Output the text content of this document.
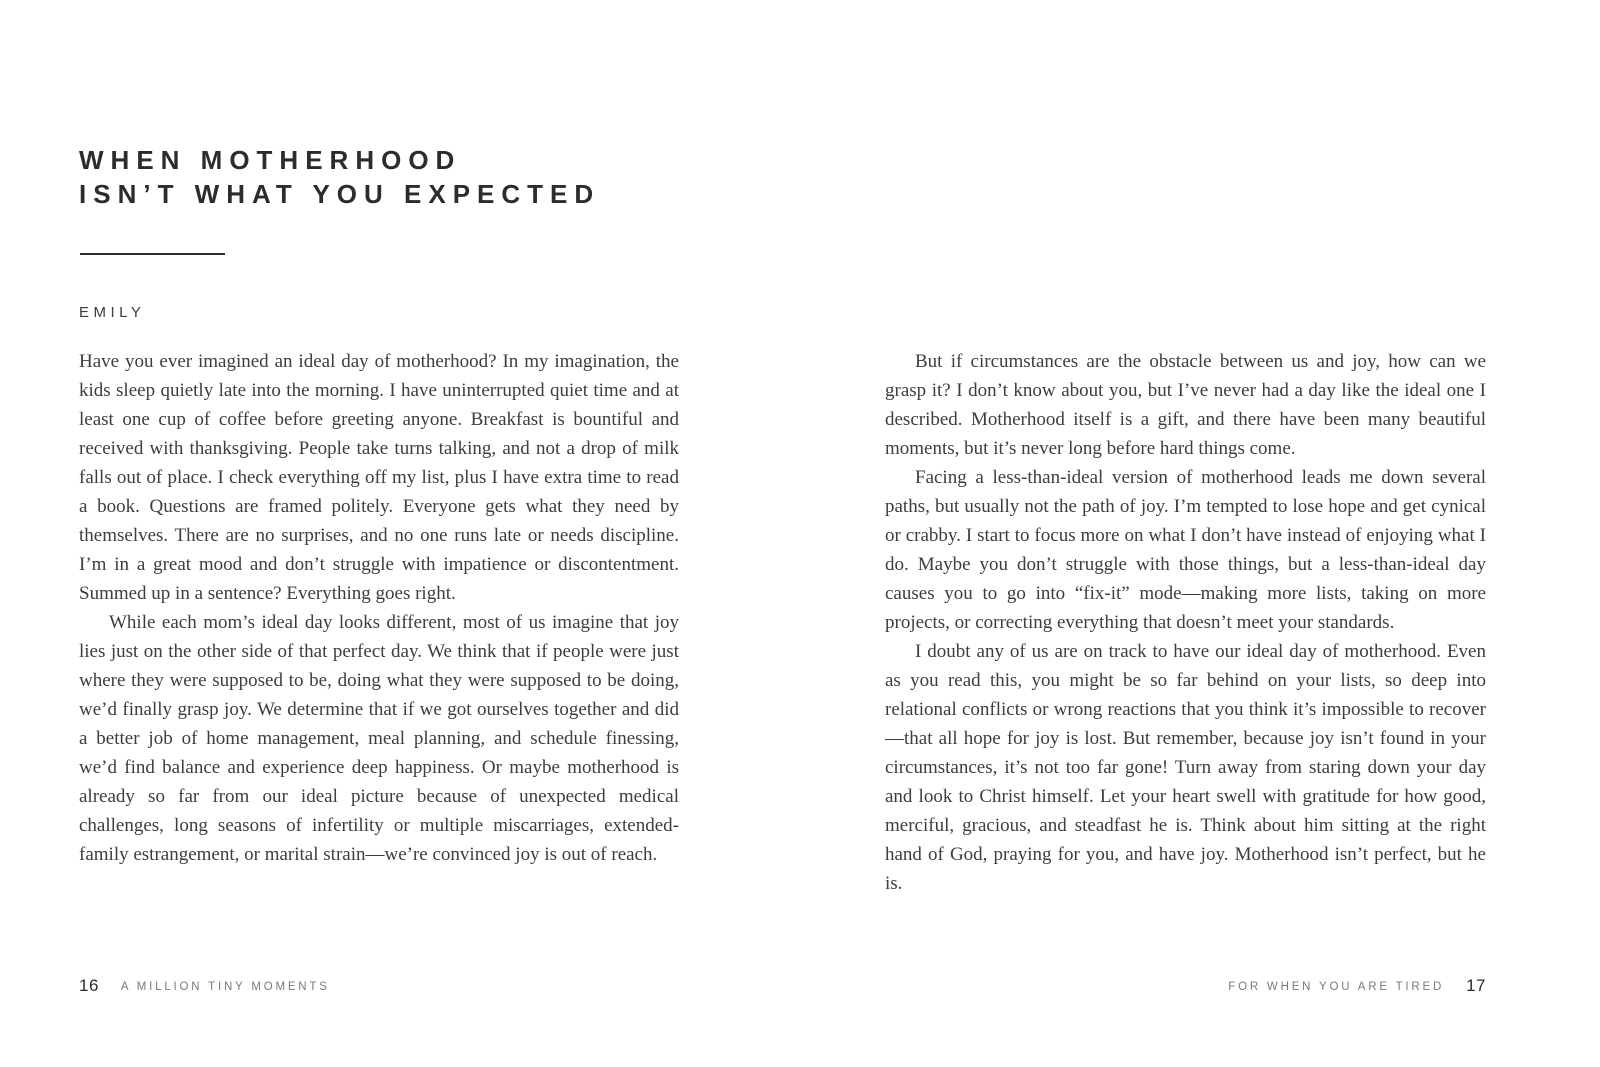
WHEN MOTHERHOOD
ISN’T WHAT YOU EXPECTED
EMILY

Have you ever imagined an ideal day of motherhood? In my imagination, the kids sleep quietly late into the morning. I have uninterrupted quiet time and at least one cup of coffee before greeting anyone. Breakfast is bountiful and received with thanksgiving. People take turns talking, and not a drop of milk falls out of place. I check everything off my list, plus I have extra time to read a book. Questions are framed politely. Everyone gets what they need by themselves. There are no surprises, and no one runs late or needs discipline. I’m in a great mood and don’t struggle with impatience or discontentment. Summed up in a sentence? Everything goes right.

While each mom’s ideal day looks different, most of us imagine that joy lies just on the other side of that perfect day. We think that if people were just where they were supposed to be, doing what they were supposed to be doing, we’d finally grasp joy. We determine that if we got ourselves together and did a better job of home management, meal planning, and schedule finessing, we’d find balance and experience deep happiness. Or maybe motherhood is already so far from our ideal picture because of unexpected medical challenges, long seasons of infertility or multiple miscarriages, extended-family estrangement, or marital strain—we’re convinced joy is out of reach.

16 A MILLION TINY MOMENTS

But if circumstances are the obstacle between us and joy, how can we grasp it? I don’t know about you, but I’ve never had a day like the ideal one I described. Motherhood itself is a gift, and there have been many beautiful moments, but it’s never long before hard things come.

Facing a less-than-ideal version of motherhood leads me down several paths, but usually not the path of joy. I’m tempted to lose hope and get cynical or crabby. I start to focus more on what I don’t have instead of enjoying what I do. Maybe you don’t struggle with those things, but a less-than-ideal day causes you to go into “fix-it” mode—making more lists, taking on more projects, or correcting everything that doesn’t meet your standards.

I doubt any of us are on track to have our ideal day of motherhood. Even as you read this, you might be so far behind on your lists, so deep into relational conflicts or wrong reactions that you think it’s impossible to recover—that all hope for joy is lost. But remember, because joy isn’t found in your circumstances, it’s not too far gone! Turn away from staring down your day and look to Christ himself. Let your heart swell with gratitude for how good, merciful, gracious, and steadfast he is. Think about him sitting at the right hand of God, praying for you, and have joy. Motherhood isn’t perfect, but he is.

FOR WHEN YOU ARE TIRED 17
